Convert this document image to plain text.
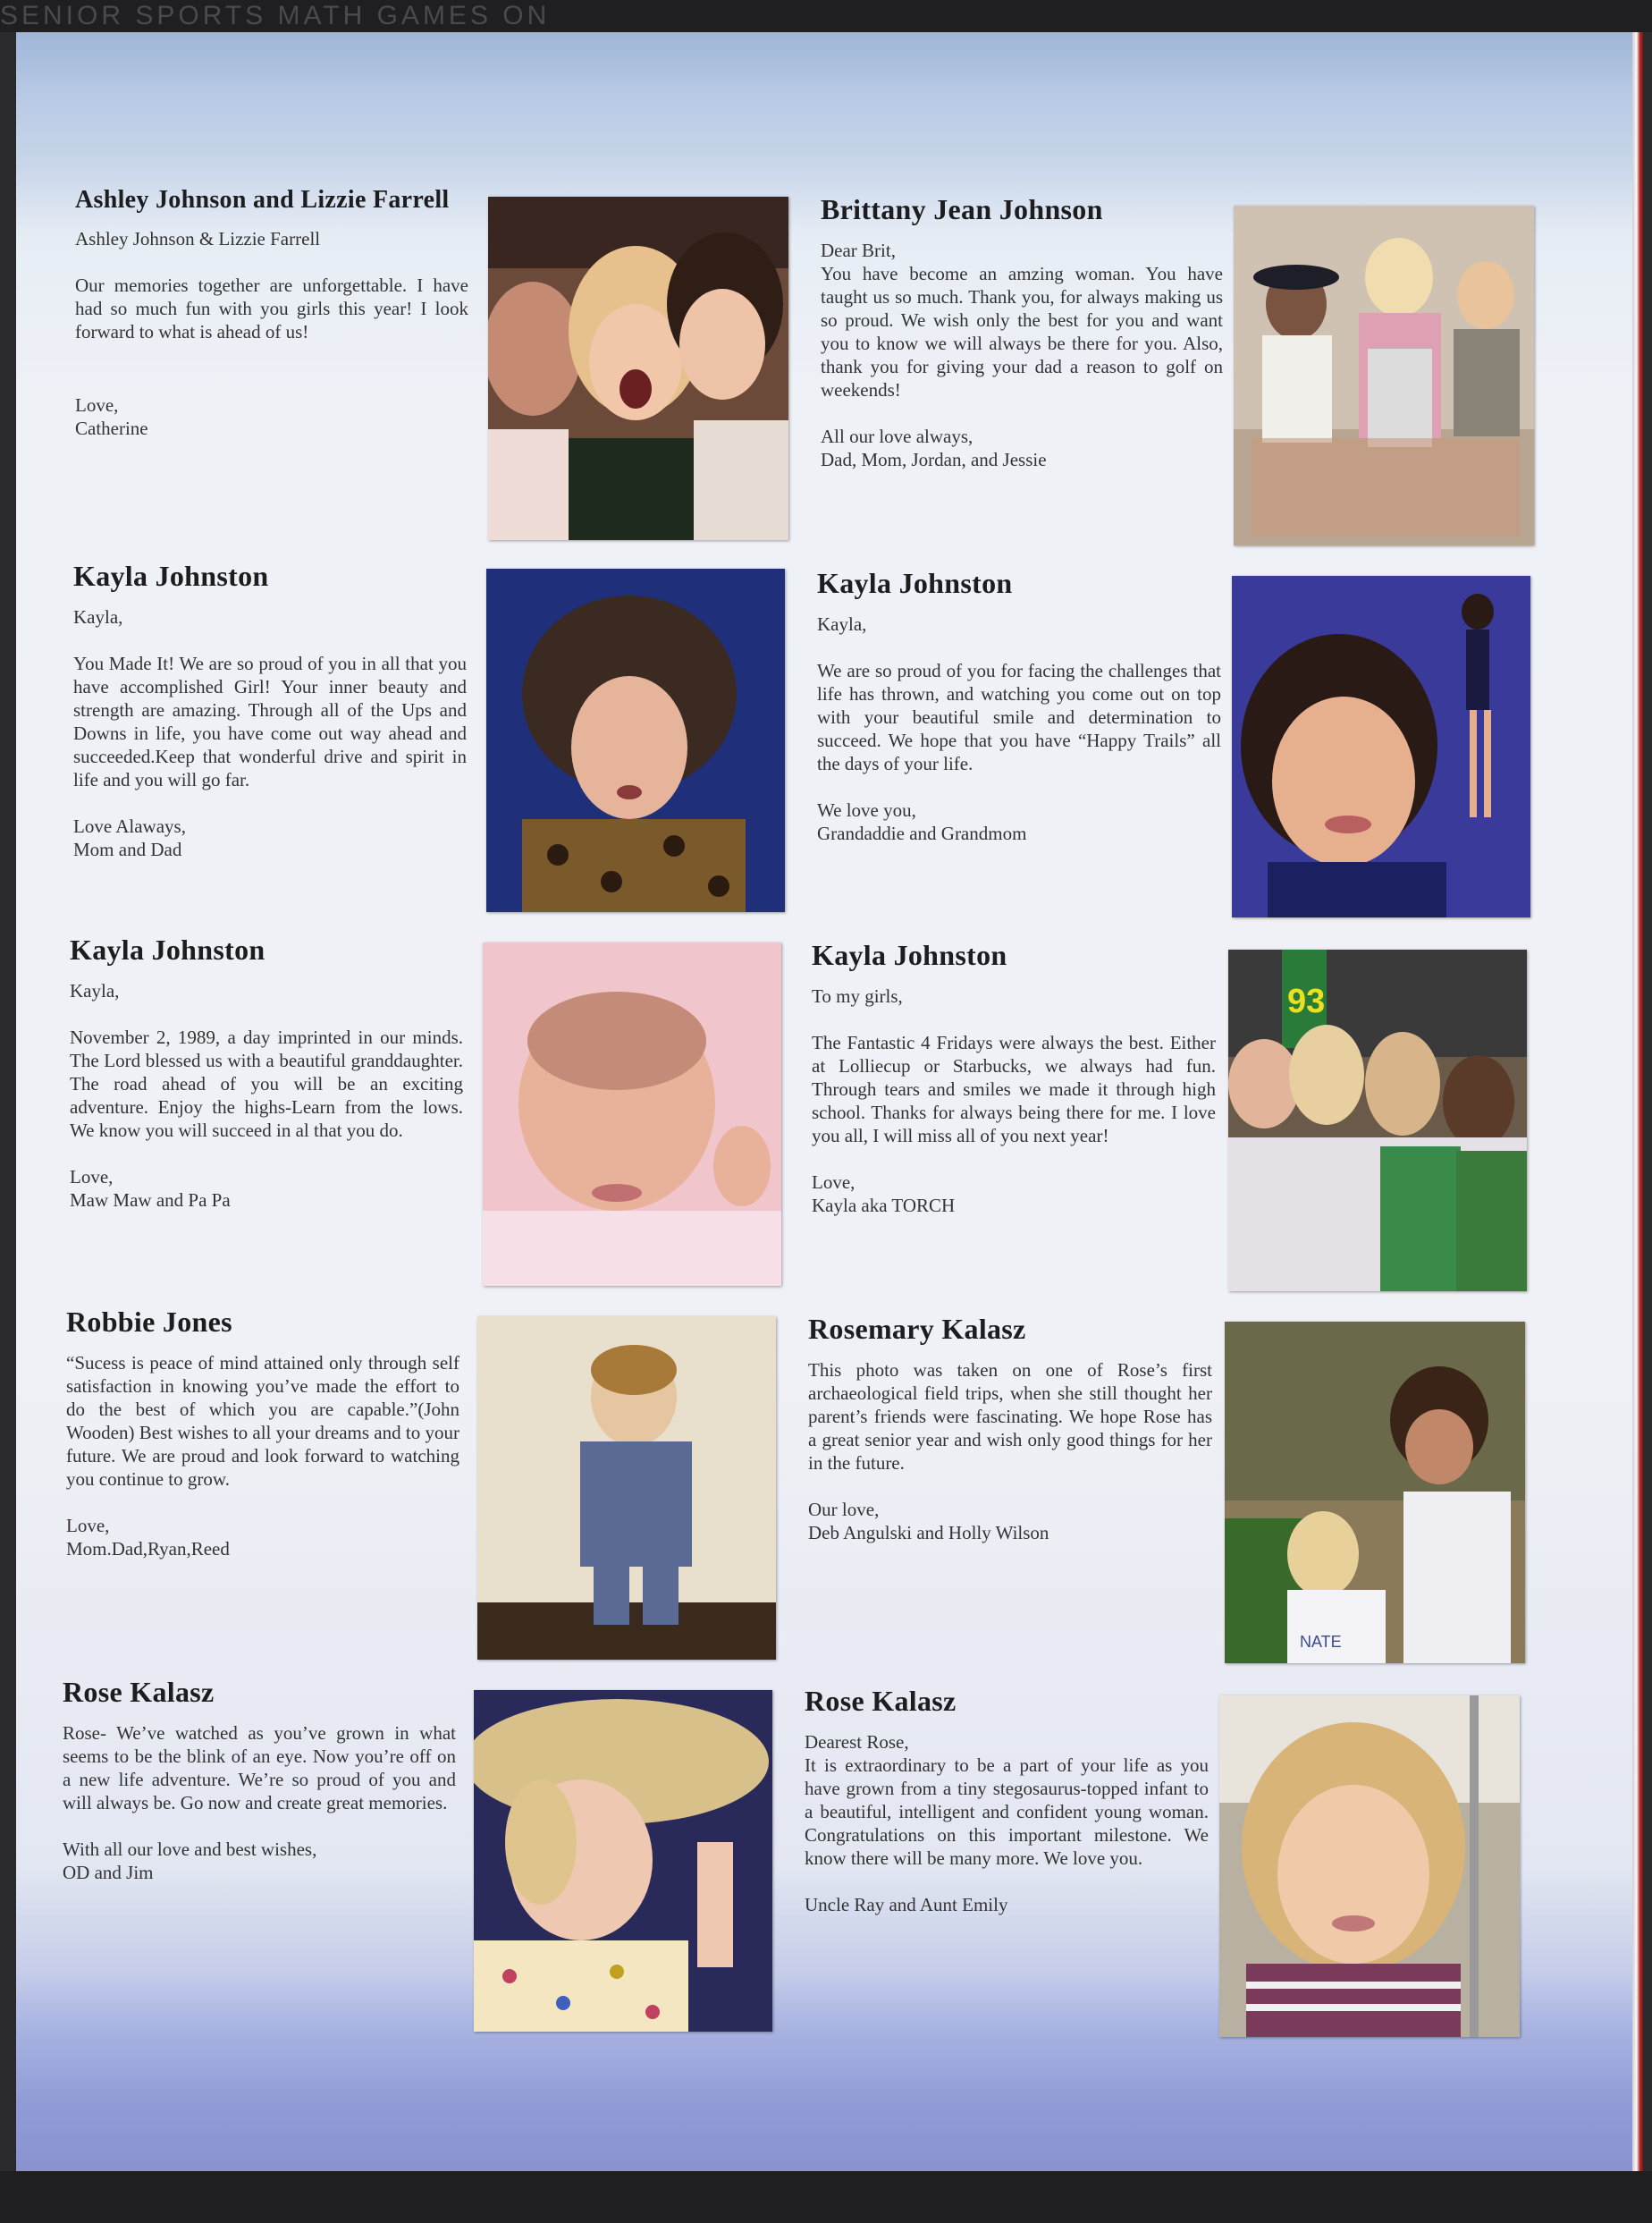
SENIOR SPORTS MATH GAMES ON
Ashley Johnson and Lizzie Farrell
Ashley Johnson & Lizzie Farrell
Our memories together are unforgettable. I have had so much fun with you girls this year! I look forward to what is ahead of us!
Love,
Catherine
Brittany Jean Johnson
Dear Brit,
You have become an amzing woman. You have taught us so much. Thank you, for always making us so proud. We wish only the best for you and want you to know we will always be there for you. Also, thank you for giving your dad a reason to golf on weekends!
All our love always,
Dad, Mom, Jordan, and Jessie
Kayla Johnston
Kayla,
You Made It! We are so proud of you in all that you have accomplished Girl! Your inner beauty and strength are amazing. Through all of the Ups and Downs in life, you have come out way ahead and succeeded.Keep that wonderful drive and spirit in life and you will go far.
Love Alaways,
Mom and Dad
Kayla Johnston
Kayla,
We are so proud of you for facing the challenges that life has thrown, and watching you come out on top with your beautiful smile and determination to succeed. We hope that you have “Happy Trails” all the days of your life.
We love you,
Grandaddie and Grandmom
Kayla Johnston
Kayla,
November 2, 1989, a day imprinted in our minds. The Lord blessed us with a beautiful granddaughter. The road ahead of you will be an exciting adventure. Enjoy the highs-Learn from the lows. We know you will succeed in al that you do.
Love,
Maw Maw and Pa Pa
Kayla Johnston
To my girls,
The Fantastic 4 Fridays were always the best. Either at Lolliecup or Starbucks, we always had fun. Through tears and smiles we made it through high school. Thanks for always being there for me. I love you all, I will miss all of you next year!
Love,
Kayla aka TORCH
93
Robbie Jones
“Sucess is peace of mind attained only through self satisfaction in knowing you’ve made the effort to do the best of which you are capable.”(John Wooden) Best wishes to all your dreams and to your future. We are proud and look forward to watching you continue to grow.
Love,
Mom.Dad,Ryan,Reed
Rosemary Kalasz
This photo was taken on one of Rose’s first archaeological field trips, when she still thought her parent’s friends were fascinating. We hope Rose has a great senior year and wish only good things for her in the future.
Our love,
Deb Angulski and Holly Wilson
NATE
Rose Kalasz
Rose- We’ve watched as you’ve grown in what seems to be the blink of an eye. Now you’re off on a new life adventure. We’re so proud of you and will always be. Go now and create great memories.
With all our love and best wishes,
OD and Jim
Rose Kalasz
Dearest Rose,
It is extraordinary to be a part of your life as you have grown from a tiny stegosaurus-topped infant to a beautiful, intelligent and confident young woman. Congratulations on this important milestone. We know there will be many more. We love you.
Uncle Ray and Aunt Emily
